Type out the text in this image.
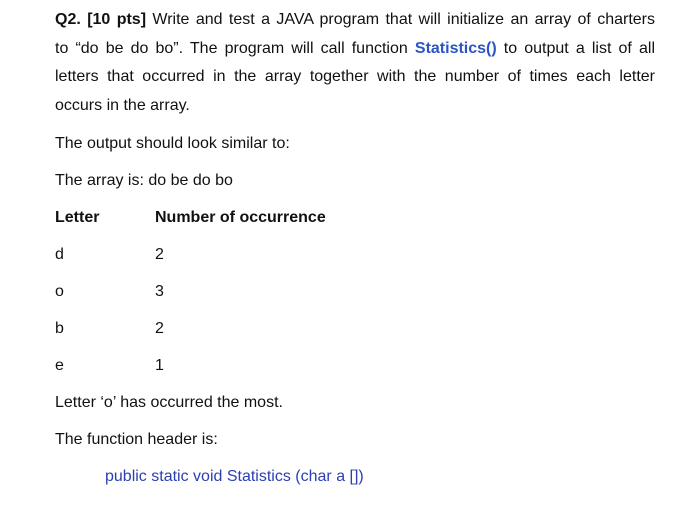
Q2. [10 pts] Write and test a JAVA program that will initialize an array of charters
to “do be do bo”. The program will call function Statistics() to output a list of all
letters that occurred in the array together with the number of times each letter
occurs in the array.
The output should look similar to:
The array is: do be do bo
Letter	Number of occurrence
d	2
o	3
b	2
e	1
Letter ‘o’ has occurred the most.
The function header is:
public static void Statistics (char a [])
